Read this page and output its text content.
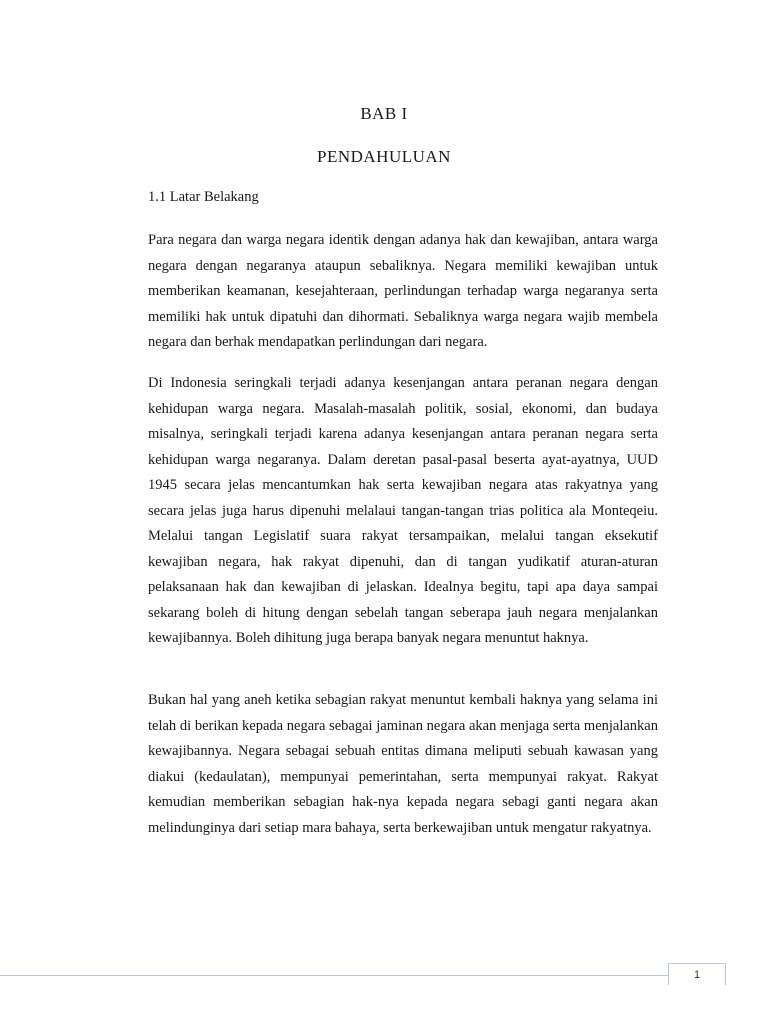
BAB I
PENDAHULUAN
1.1 Latar Belakang

Para negara dan warga negara identik dengan adanya hak dan kewajiban, antara warga negara dengan negaranya ataupun sebaliknya. Negara memiliki kewajiban untuk memberikan keamanan, kesejahteraan, perlindungan terhadap warga negaranya serta memiliki hak untuk dipatuhi dan dihormati. Sebaliknya warga negara wajib membela negara dan berhak mendapatkan perlindungan dari negara.

Di Indonesia seringkali terjadi adanya kesenjangan antara peranan negara dengan kehidupan warga negara. Masalah-masalah politik, sosial, ekonomi, dan budaya misalnya, seringkali terjadi karena adanya kesenjangan antara peranan negara serta kehidupan warga negaranya. Dalam deretan pasal-pasal beserta ayat-ayatnya, UUD 1945 secara jelas mencantumkan hak serta kewajiban negara atas rakyatnya yang secara jelas juga harus dipenuhi melalaui tangan-tangan trias politica ala Monteqeiu. Melalui tangan Legislatif suara rakyat tersampaikan, melalui tangan eksekutif kewajiban negara, hak rakyat dipenuhi, dan di tangan yudikatif aturan-aturan pelaksanaan hak dan kewajiban di jelaskan. Idealnya begitu, tapi apa daya sampai sekarang boleh di hitung dengan sebelah tangan seberapa jauh negara menjalankan kewajibannya. Boleh dihitung juga berapa banyak negara menuntut haknya.

Bukan hal yang aneh ketika sebagian rakyat menuntut kembali haknya yang selama ini telah di berikan kepada negara sebagai jaminan negara akan menjaga serta menjalankan kewajibannya. Negara sebagai sebuah entitas dimana meliputi sebuah kawasan yang diakui (kedaulatan), mempunyai pemerintahan, serta mempunyai rakyat. Rakyat kemudian memberikan sebagian hak-nya kepada negara sebagi ganti negara akan melindunginya dari setiap mara bahaya, serta berkewajiban untuk mengatur rakyatnya.

1
